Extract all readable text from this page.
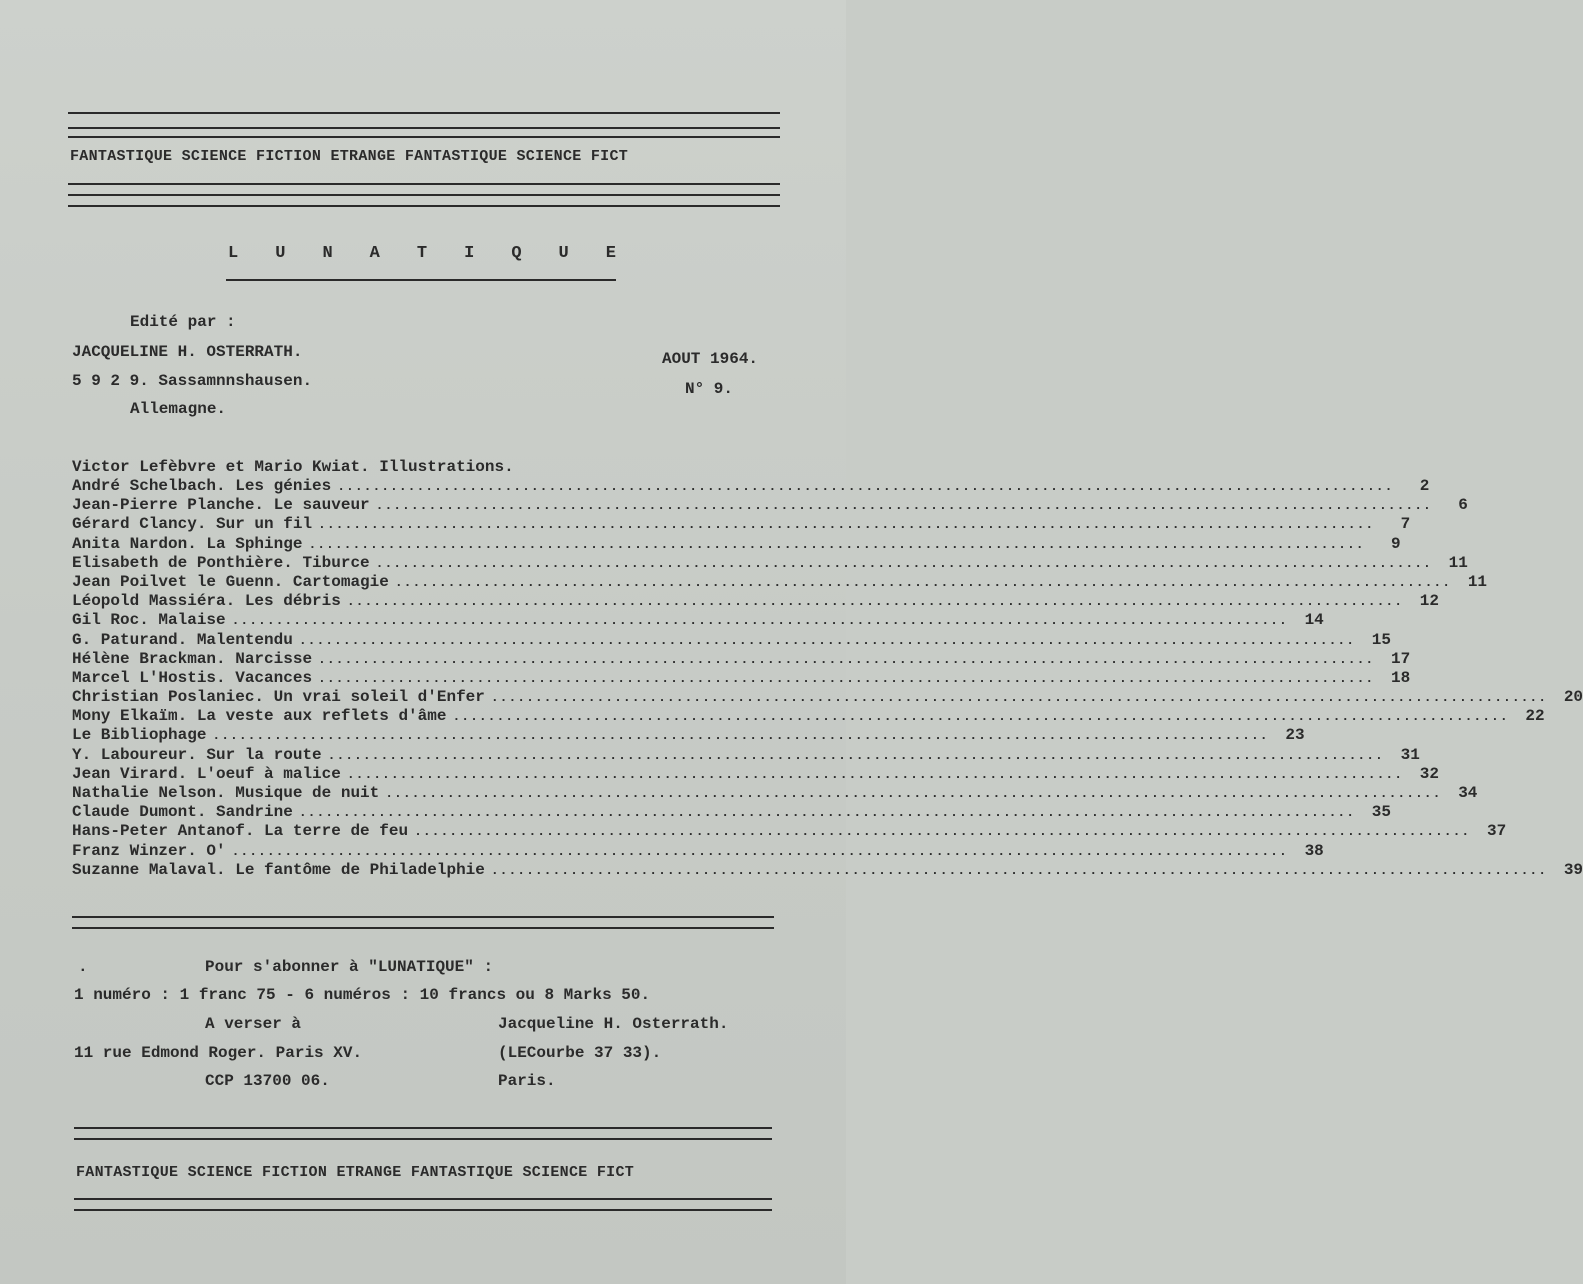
FANTASTIQUE SCIENCE FICTION ETRANGE FANTASTIQUE SCIENCE FICT
L U N A T I Q U E
Edité par :
JACQUELINE H. OSTERRATH.
5 9 2 9. Sassamnnshausen.
Allemagne.
AOUT 1964.
N° 9.
Victor Lefèbvre et Mario Kwiat. Illustrations.
André Schelbach. Les génies ........................................................................................................................	2
Jean-Pierre Planche. Le sauveur ........................................................................................................................	6
Gérard Clancy. Sur un fil ........................................................................................................................	7
Anita Nardon. La Sphinge ........................................................................................................................	9
Elisabeth de Ponthière. Tiburce ........................................................................................................................	11
Jean Poilvet le Guenn. Cartomagie ........................................................................................................................	11
Léopold Massiéra. Les débris ........................................................................................................................	12
Gil Roc. Malaise ........................................................................................................................	14
G. Paturand. Malentendu ........................................................................................................................	15
Hélène Brackman. Narcisse ........................................................................................................................	17
Marcel L'Hostis. Vacances ........................................................................................................................	18
Christian Poslaniec. Un vrai soleil d'Enfer ........................................................................................................................	20
Mony Elkaïm. La veste aux reflets d'âme ........................................................................................................................	22
Le Bibliophage ........................................................................................................................	23
Y. Laboureur. Sur la route ........................................................................................................................	31
Jean Virard. L'oeuf à malice ........................................................................................................................	32
Nathalie Nelson. Musique de nuit ........................................................................................................................	34
Claude Dumont. Sandrine ........................................................................................................................	35
Hans-Peter Antanof. La terre de feu ........................................................................................................................	37
Franz Winzer. O' ........................................................................................................................	38
Suzanne Malaval. Le fantôme de Philadelphie ........................................................................................................................	39
.	Pour s'abonner à "LUNATIQUE" :
1 numéro : 1 franc 75 - 6 numéros : 10 francs ou 8 Marks 50.
A verser à	Jacqueline H. Osterrath.
11 rue Edmond Roger. Paris XV.	(LECourbe 37 33).
CCP 13700 06.	Paris.
FANTASTIQUE SCIENCE FICTION ETRANGE FANTASTIQUE SCIENCE FICT
